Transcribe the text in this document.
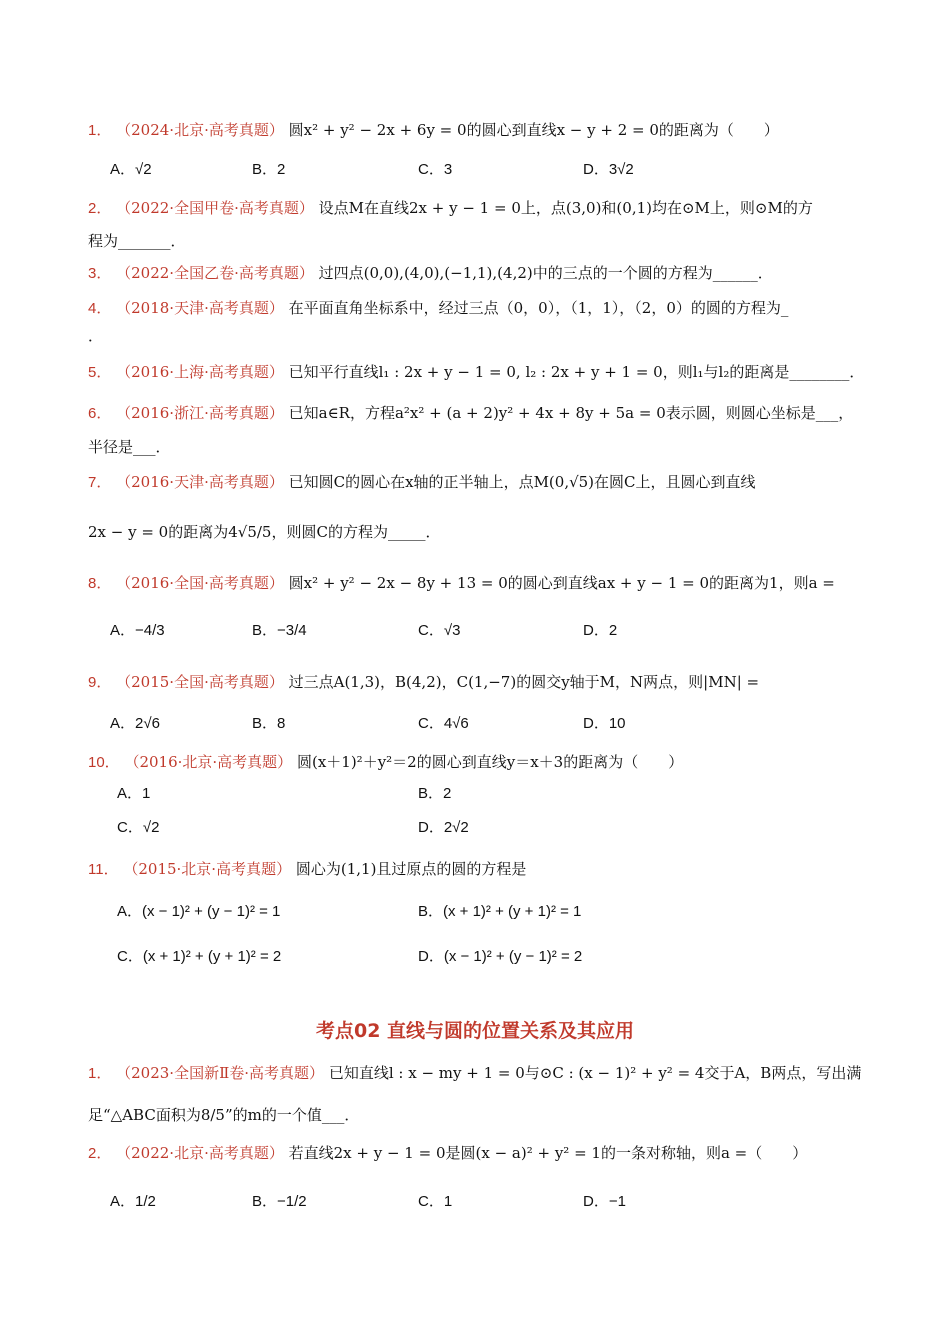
1． （2024·北京·高考真题） 圆x² + y² − 2x + 6y = 0的圆心到直线x − y + 2 = 0的距离为（　　）
A．√2	B．2	C．3	D．3√2
2． （2022·全国甲卷·高考真题） 设点M在直线2x + y − 1 = 0上，点(3,0)和(0,1)均在⊙M上，则⊙M的方
程为_______．
3． （2022·全国乙卷·高考真题） 过四点(0,0),(4,0),(−1,1),(4,2)中的三点的一个圆的方程为______．
4． （2018·天津·高考真题） 在平面直角坐标系中，经过三点（0，0），（1，1），（2，0）的圆的方程为_
．
5． （2016·上海·高考真题） 已知平行直线l₁ : 2x + y − 1 = 0, l₂ : 2x + y + 1 = 0，则l₁与l₂的距离是________．
6． （2016·浙江·高考真题） 已知a∈R，方程a²x² + (a + 2)y² + 4x + 8y + 5a = 0表示圆，则圆心坐标是___，
半径是___．
7． （2016·天津·高考真题） 已知圆C的圆心在x轴的正半轴上，点M(0,√5)在圆C上，且圆心到直线
2x − y = 0的距离为4√5/5，则圆C的方程为_____．
8． （2016·全国·高考真题） 圆x² + y² − 2x − 8y + 13 = 0的圆心到直线ax + y − 1 = 0的距离为1，则a =
A．−4/3	B．−3/4	C．√3	D．2
9． （2015·全国·高考真题） 过三点A(1,3)，B(4,2)，C(1,−7)的圆交y轴于M，N两点，则|MN| =
A．2√6	B．8	C．4√6	D．10
10． （2016·北京·高考真题） 圆(x＋1)²＋y²＝2的圆心到直线y＝x＋3的距离为（　　）
A．1	B．2
C．√2	D．2√2
11． （2015·北京·高考真题） 圆心为(1,1)且过原点的圆的方程是
A．(x − 1)² + (y − 1)² = 1	B．(x + 1)² + (y + 1)² = 1
C．(x + 1)² + (y + 1)² = 2	D．(x − 1)² + (y − 1)² = 2
考点02 直线与圆的位置关系及其应用
1． （2023·全国新Ⅱ卷·高考真题） 已知直线l : x − my + 1 = 0与⊙C : (x − 1)² + y² = 4交于A，B两点，写出满
足“△ABC面积为8/5”的m的一个值___．
2． （2022·北京·高考真题） 若直线2x + y − 1 = 0是圆(x − a)² + y² = 1的一条对称轴，则a =（　　）
A．1/2	B．−1/2	C．1	D．−1
